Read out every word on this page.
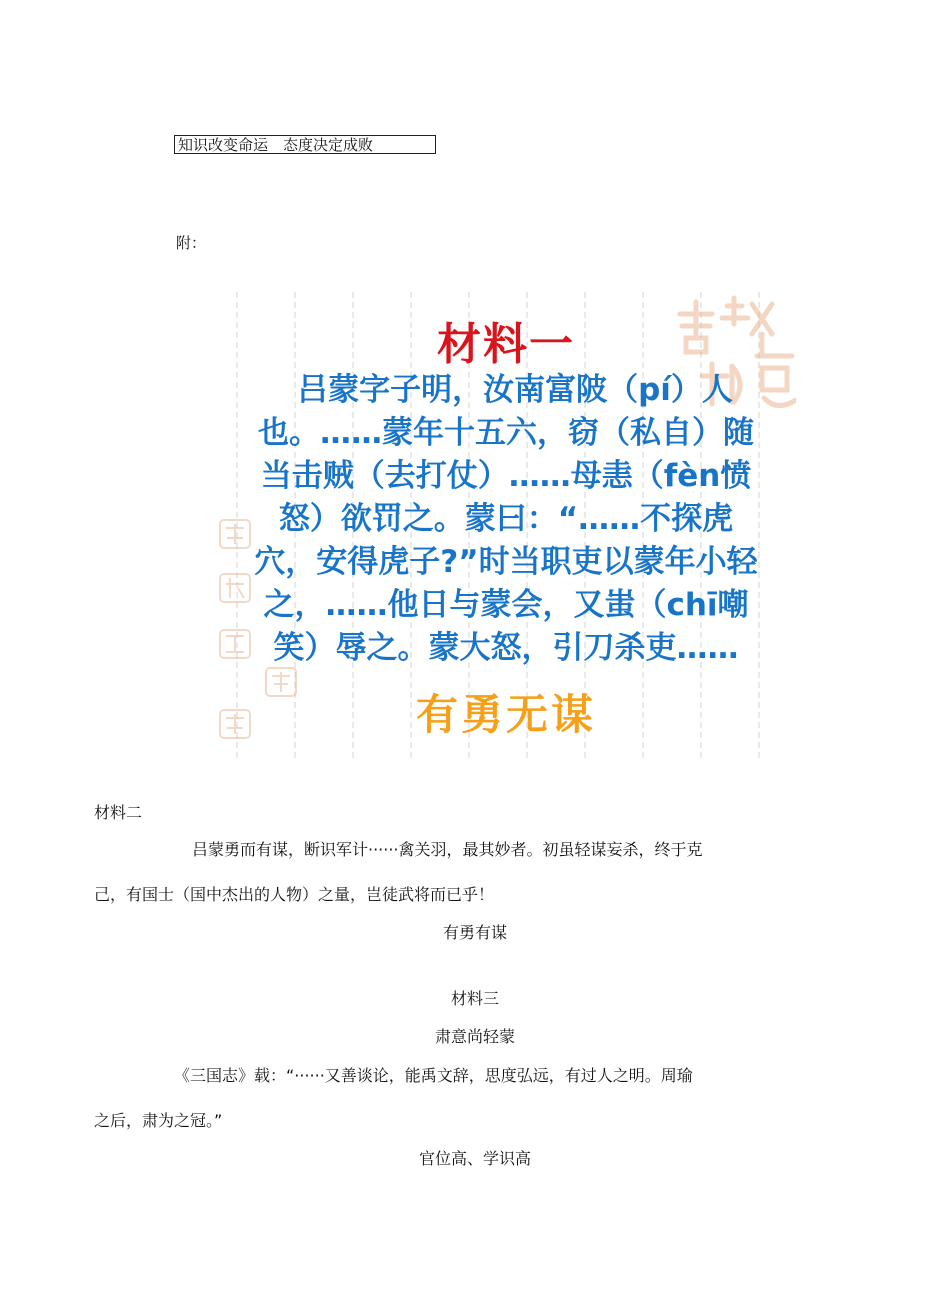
知识改变命运　态度决定成败
附：
材料一
吕蒙字子明，汝南富陂（pí）人
也。……蒙年十五六，窃（私自）随
当击贼（去打仗）……母恚（fèn愤
怒）欲罚之。蒙曰：“……不探虎
穴，安得虎子?”时当职吏以蒙年小轻
之，……他日与蒙会，又蚩（chī嘲
笑）辱之。蒙大怒，引刀杀吏……
有勇无谋
材料二
吕蒙勇而有谋，断识军计······禽关羽，最其妙者。初虽轻谋妄杀，终于克
己，有国士（国中杰出的人物）之量，岂徒武将而已乎！
有勇有谋
材料三
肃意尚轻蒙
《三国志》载：“······又善谈论，能禹文辞，思度弘远，有过人之明。周瑜
之后，肃为之冠。”
官位高、学识高
